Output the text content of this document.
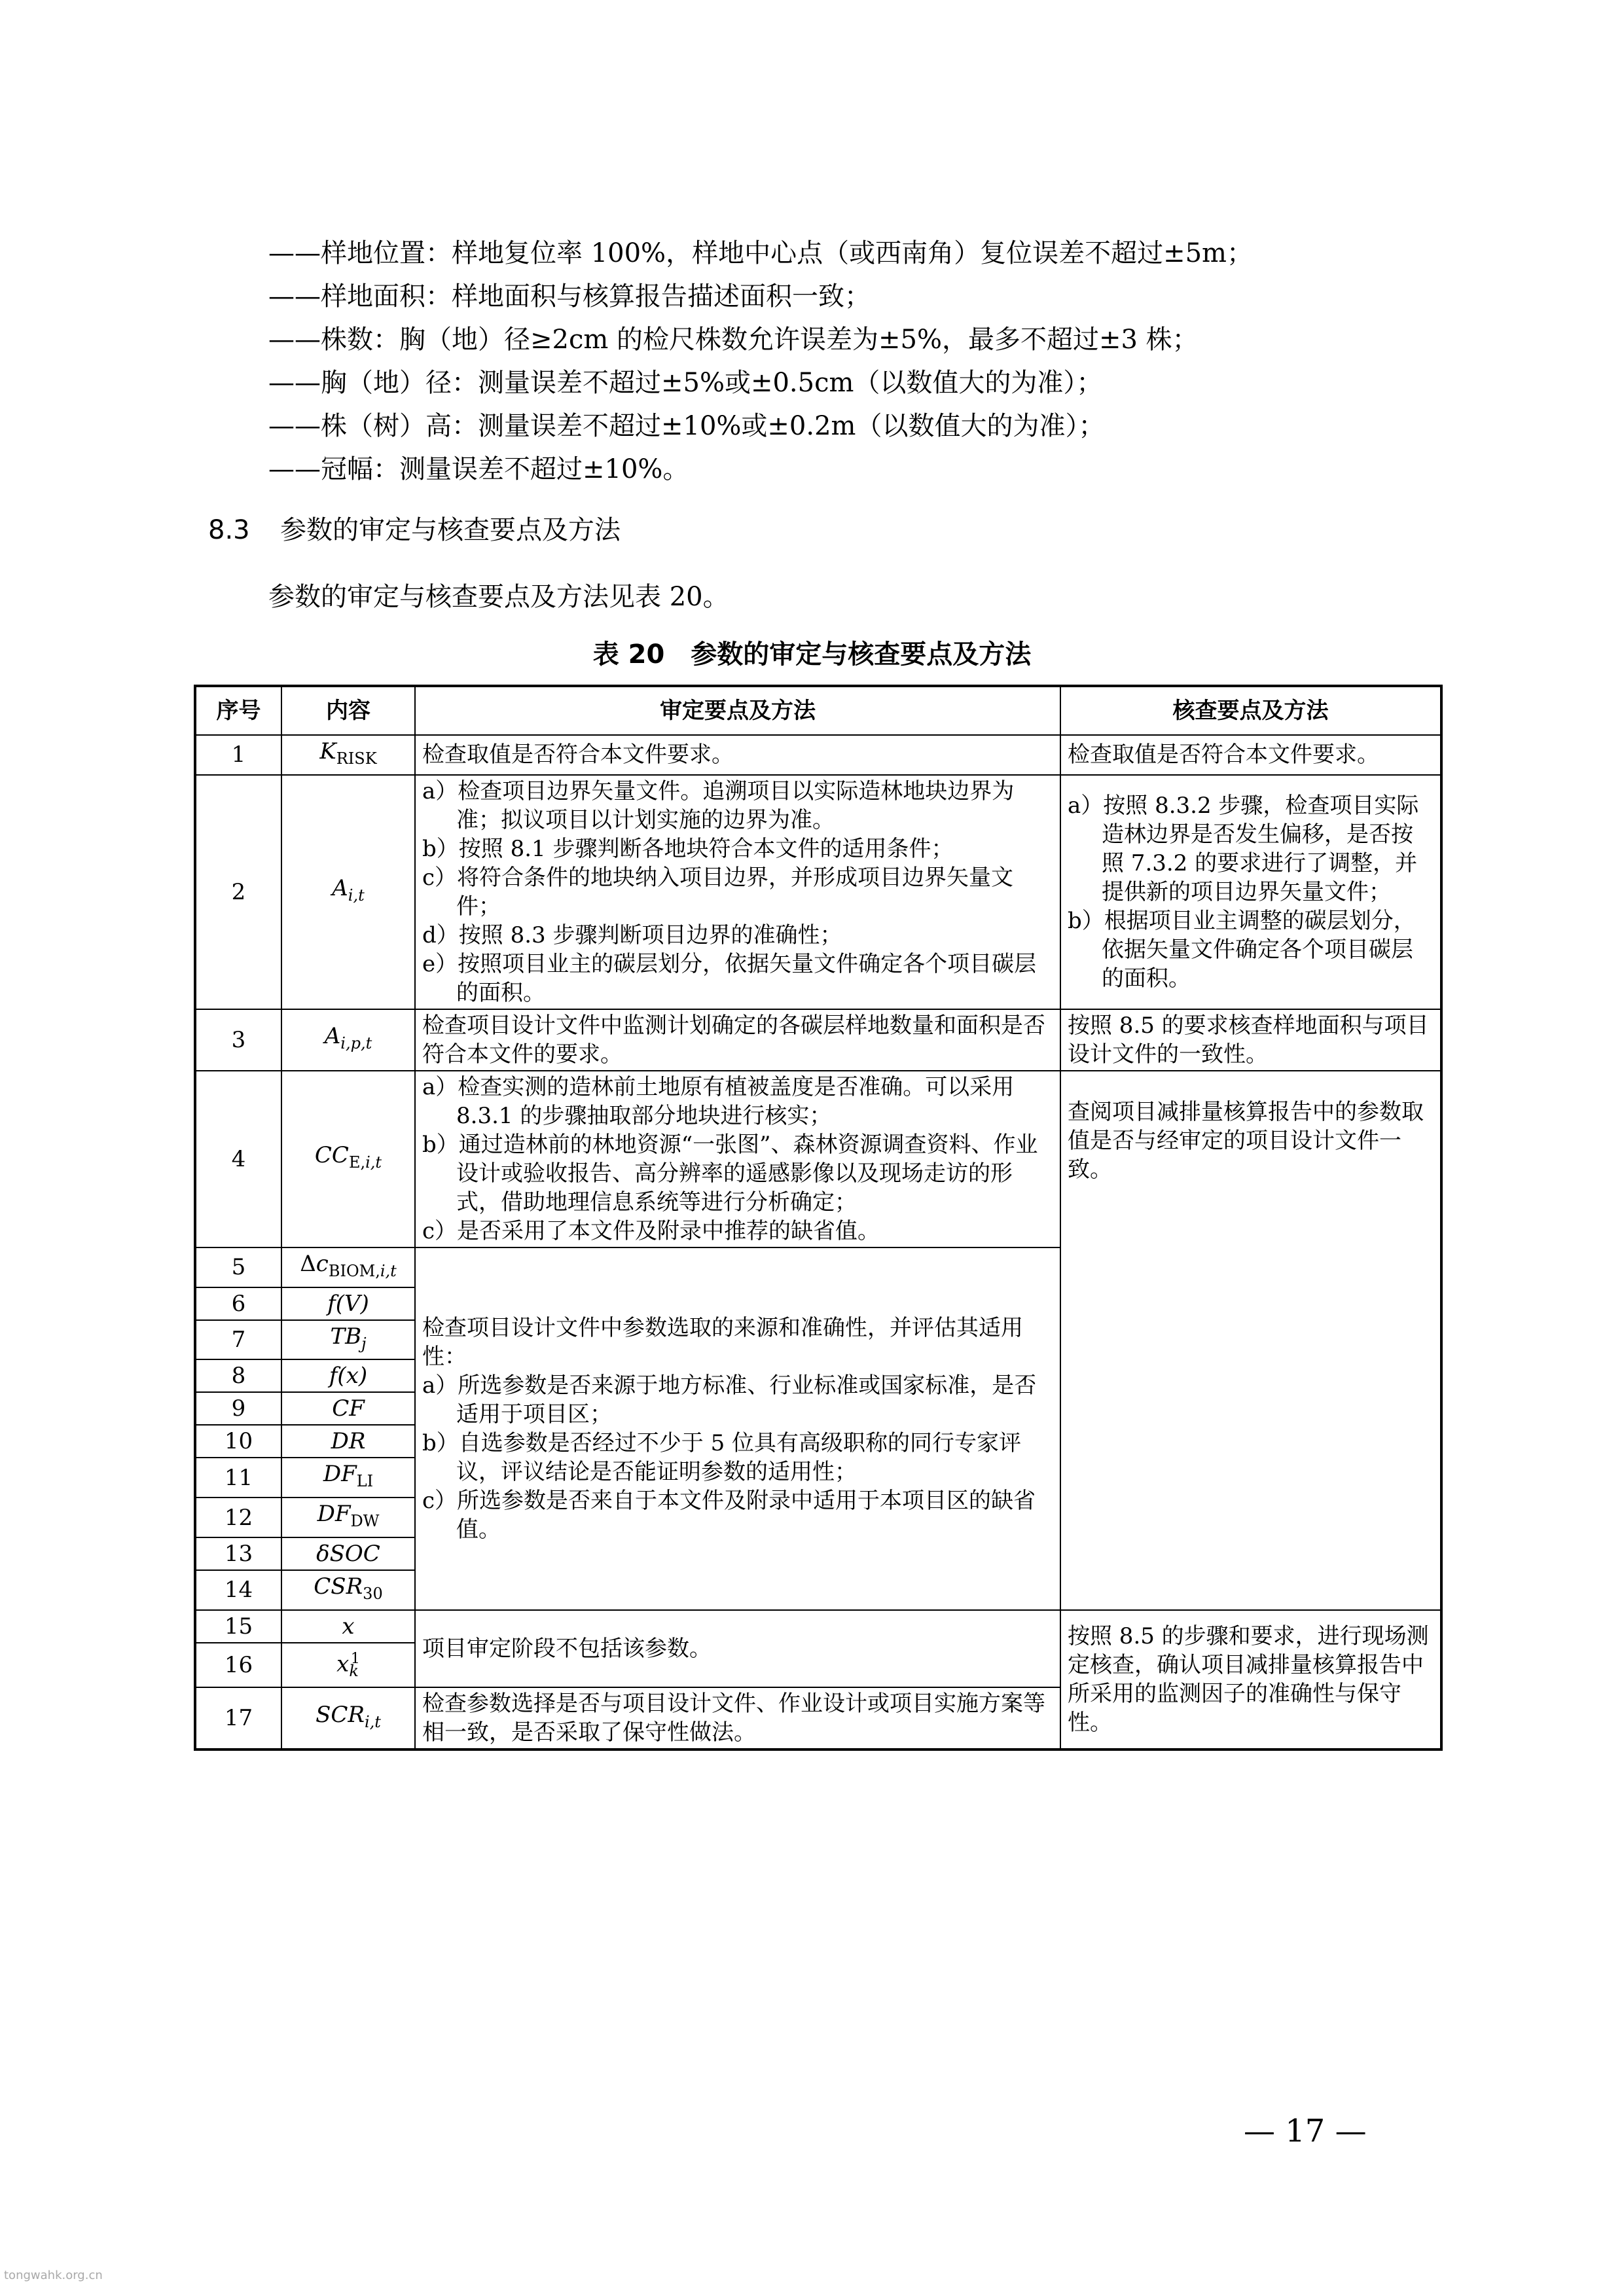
——样地位置：样地复位率 100%，样地中心点（或西南角）复位误差不超过±5m；
——样地面积：样地面积与核算报告描述面积一致；
——株数：胸（地）径≥2cm 的检尺株数允许误差为±5%，最多不超过±3 株；
——胸（地）径：测量误差不超过±5%或±0.5cm（以数值大的为准）；
——株（树）高：测量误差不超过±10%或±0.2m（以数值大的为准）；
——冠幅：测量误差不超过±10%。
8.3 参数的审定与核查要点及方法
参数的审定与核查要点及方法见表 20。
表 20　参数的审定与核查要点及方法
序号	内容	审定要点及方法	核查要点及方法
1	$K_{RISK}$	检查取值是否符合本文件要求。	检查取值是否符合本文件要求。
2	$A_{i,t}$	a）检查项目边界矢量文件。追溯项目以实际造林地块边界为准；拟议项目以计划实施的边界为准。
b）按照 8.1 步骤判断各地块符合本文件的适用条件；
c）将符合条件的地块纳入项目边界，并形成项目边界矢量文件；
d）按照 8.3 步骤判断项目边界的准确性；
e）按照项目业主的碳层划分，依据矢量文件确定各个项目碳层的面积。	a）按照 8.3.2 步骤，检查项目实际造林边界是否发生偏移，是否按照 7.3.2 的要求进行了调整，并提供新的项目边界矢量文件；
b）根据项目业主调整的碳层划分，依据矢量文件确定各个项目碳层的面积。

3	$A_{i,p,t}$	检查项目设计文件中监测计划确定的各碳层样地数量和面积是否符合本文件的要求。	按照 8.5 的要求核查样地面积与项目设计文件的一致性。
4	$CC_{E,i,t}$	a）检查实测的造林前土地原有植被盖度是否准确。可以采用 8.3.1 的步骤抽取部分地块进行核实；
b）通过造林前的林地资源“一张图”、森林资源调查资料、作业设计或验收报告、高分辨率的遥感影像以及现场走访的形式，借助地理信息系统等进行分析确定；
c）是否采用了本文件及附录中推荐的缺省值。	查阅项目减排量核算报告中的参数取值是否与经审定的项目设计文件一致。
5	$\Delta c_{BIOM,i,t}$	检查项目设计文件中参数选取的来源和准确性，并评估其适用性：
a）所选参数是否来源于地方标准、行业标准或国家标准，是否适用于项目区；
b）自选参数是否经过不少于 5 位具有高级职称的同行专家评议，评议结论是否能证明参数的适用性；
c）所选参数是否来自于本文件及附录中适用于本项目区的缺省值。	

6	f(V)		
7	$TB_j$
8	f(x)		
9	CF		
10	DR		
11	$DF_{LI}$
12	$DF_{DW}$
13	δSOC		
14	$CSR_{30}$
15	x	项目审定阶段不包括该参数。	按照 8.5 的步骤和要求，进行现场测定核查，确认项目减排量核算报告中所采用的监测因子的准确性与保守性。
16	$x_k^1$
17	$SCR_{i,t}$	检查参数选择是否与项目设计文件、作业设计或项目实施方案等相一致，是否采取了保守性做法。	
— 17 —
tongwahk.org.cn
